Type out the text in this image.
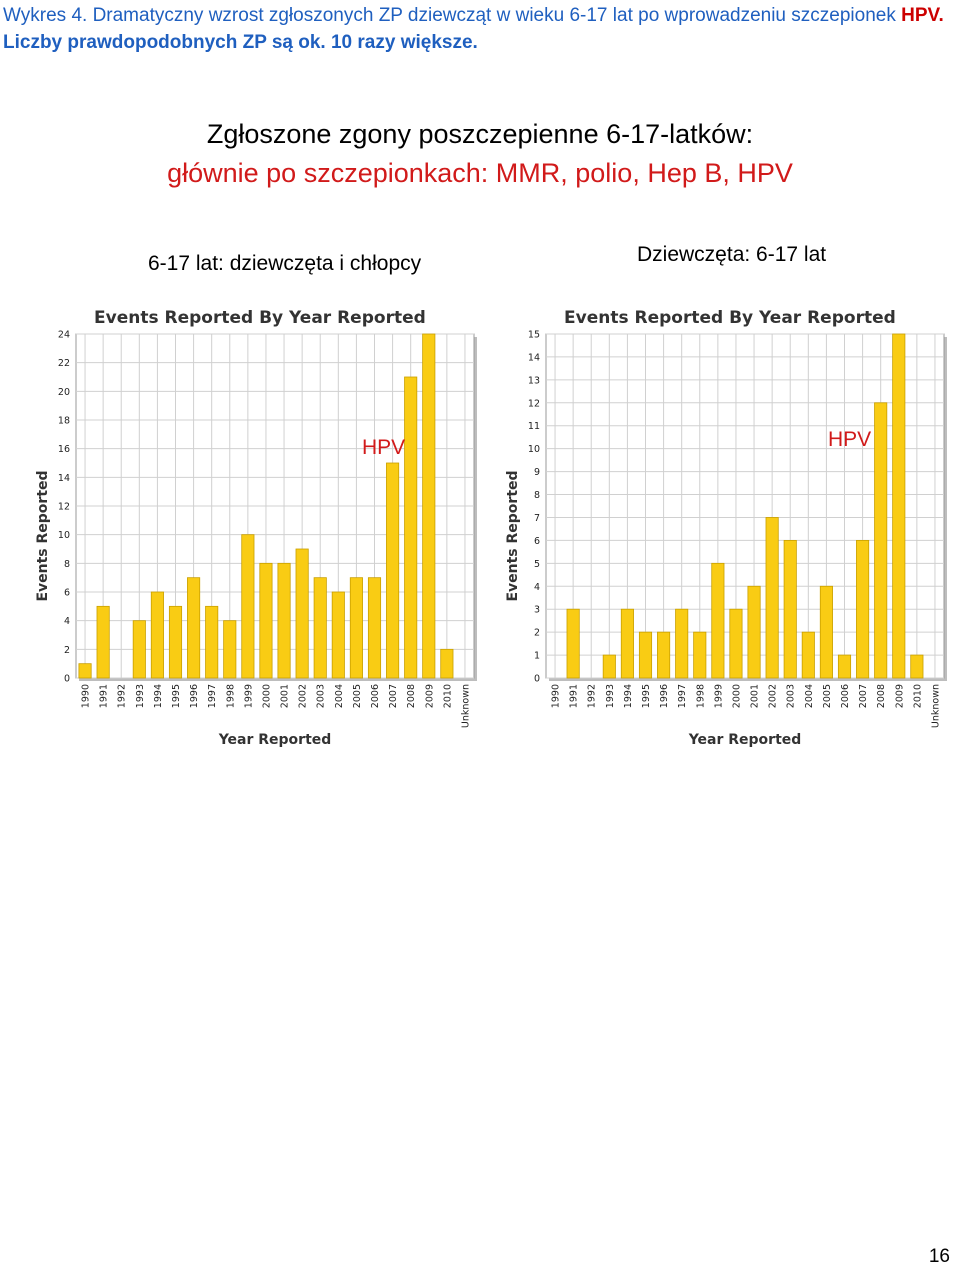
Wykres 4. Dramatyczny wzrost zgłoszonych ZP dziewcząt w wieku 6-17 lat po wprowadzeniu szczepionek HPV. Liczby prawdopodobnych ZP są ok. 10 razy większe.
Zgłoszone zgony poszczepienne 6-17-latków:
głównie po szczepionkach: MMR, polio, Hep B, HPV
6-17 lat: dziewczęta i chłopcy	Dziewczęta: 6-17 lat
Events Reported By Year Reported
0
2
4
6
8
10
12
14
16
18
20
22
24
1990 1991 1992 1993 1994 1995 1996 1997 1998 1999 2000 2001 2002 2003 2004 2005 2006 2007 2008 2009 2010 Unknown
Year Reported
Events Reported
Events Reported By Year Reported
0
1
2
3
4
5
6
7
8
9
10
11
12
13
14
15
1990 1991 1992 1993 1994 1995 1996 1997 1998 1999 2000 2001 2002 2003 2004 2005 2006 2007 2008 2009 2010 Unknown
Year Reported
Events Reported
HPV	HPV
16
